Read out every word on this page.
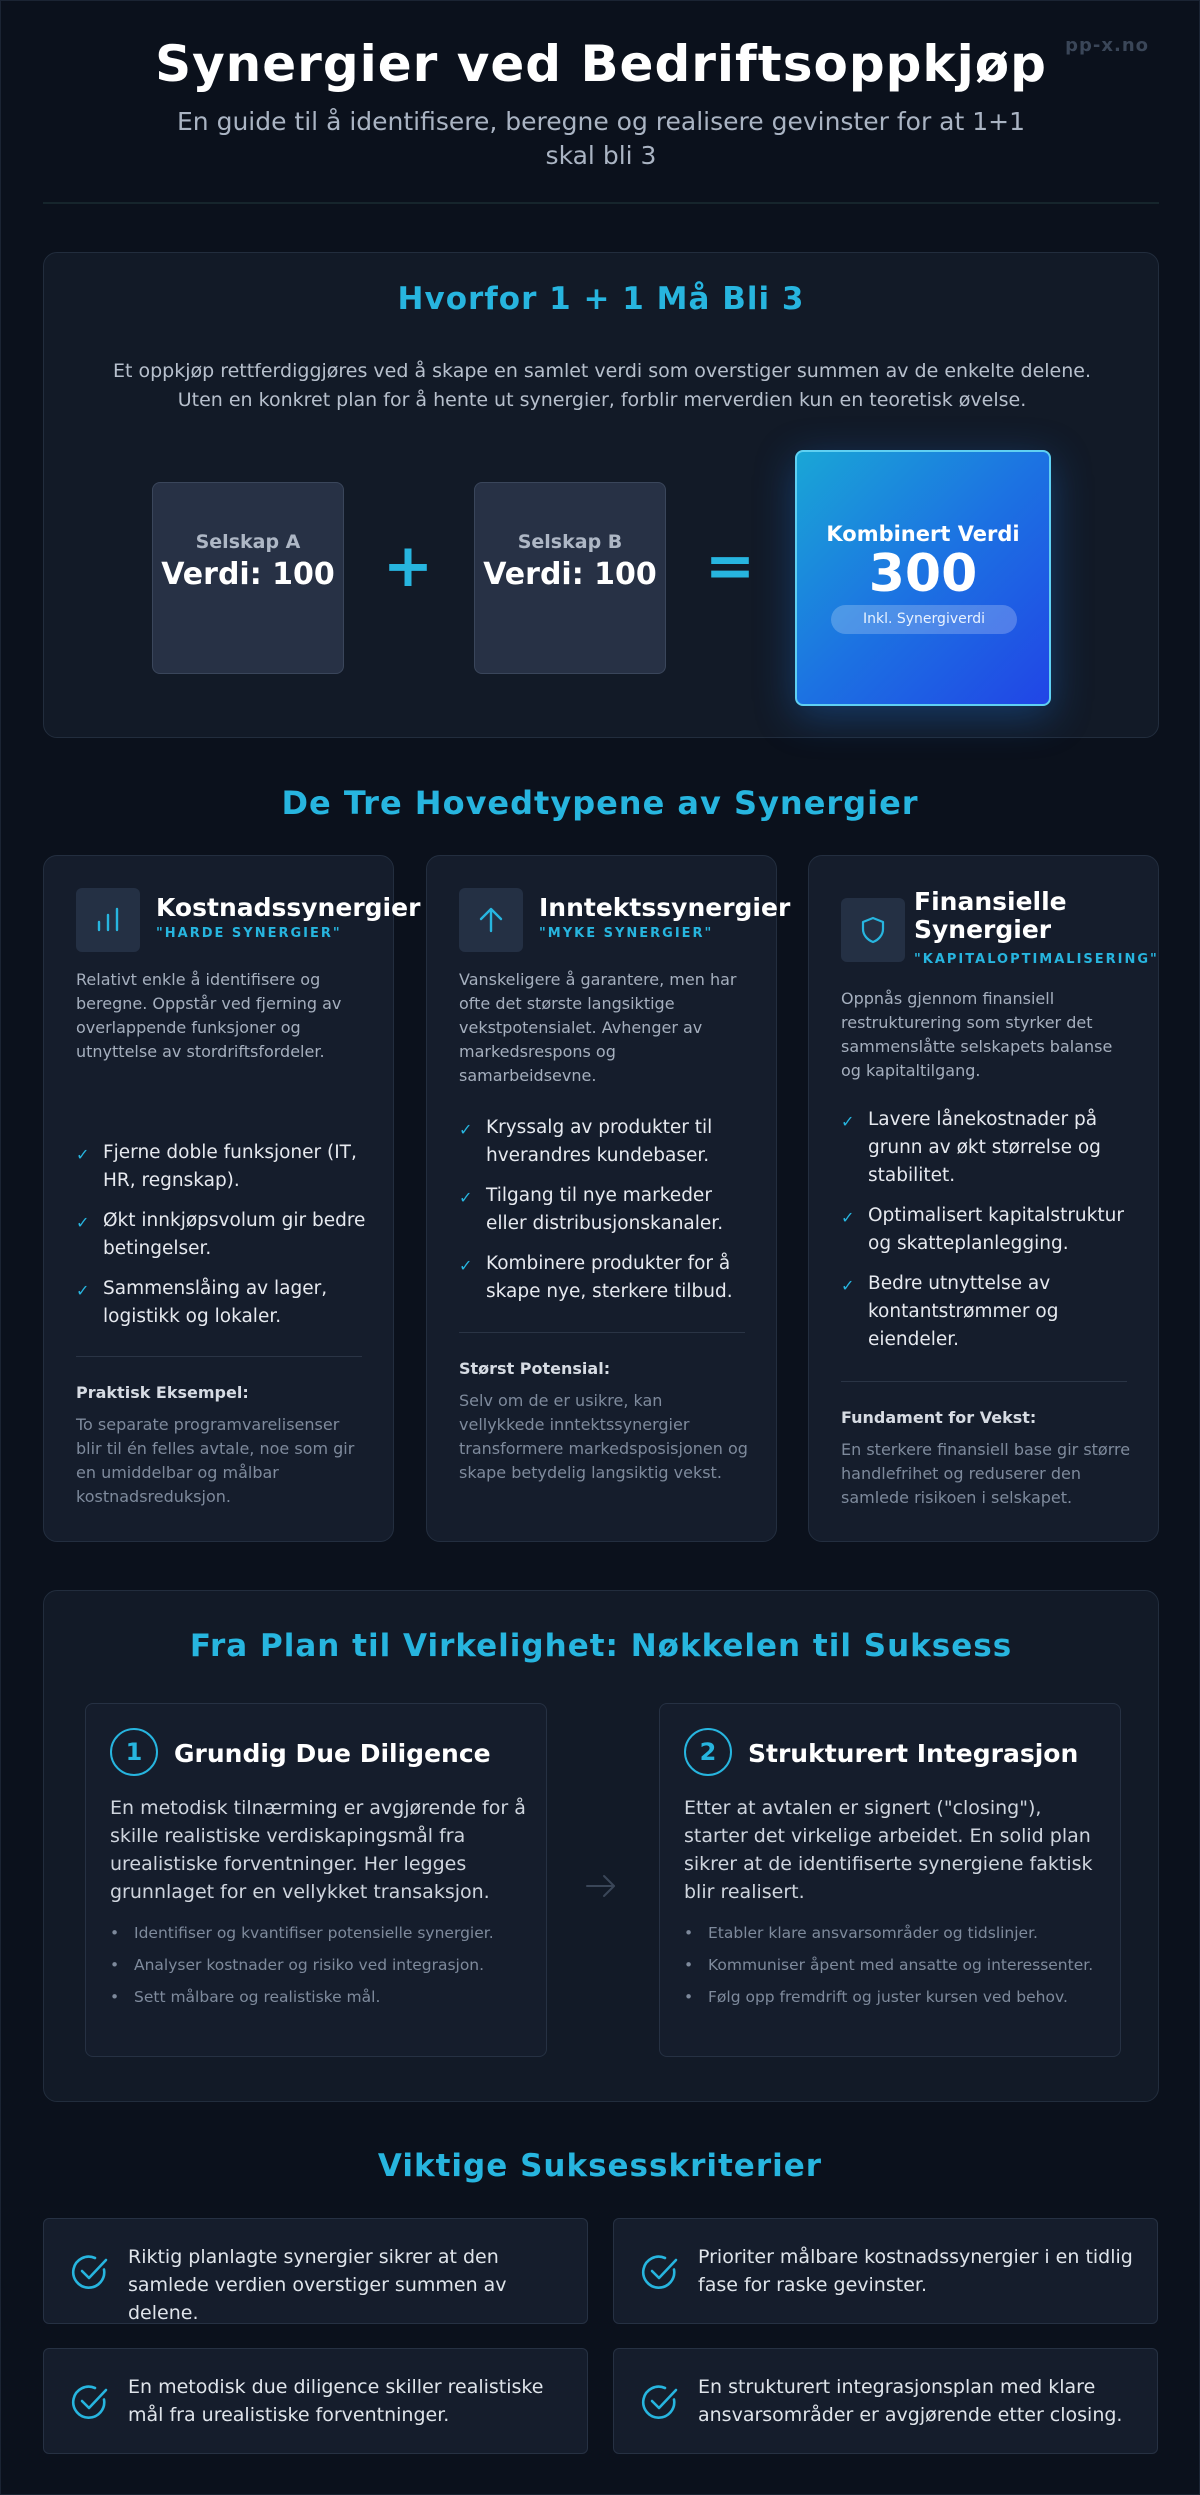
pp-x.no
Synergier ved Bedriftsoppkjøp
En guide til å identifisere, beregne og realisere gevinster for at 1+1 skal bli 3
Hvorfor 1 + 1 Må Bli 3

Et oppkjøp rettferdiggjøres ved å skape en samlet verdi som overstiger summen av de enkelte delene. Uten en konkret plan for å hente ut synergier, forblir merverdien kun en teoretisk øvelse.

Selskap A
Verdi: 100 +	Selskap B
Verdi: 100 =	Kombinert Verdi
300
Inkl. Synergiverdi
De Tre Hovedtypene av Synergier
Kostnadssynergier
"HARDE SYNERGIER"

Relativt enkle å identifisere og beregne. Oppstår ved fjerning av overlappende funksjoner og utnyttelse av stordriftsfordeler.

✓ Fjerne doble funksjoner (IT, HR, regnskap).
✓ Økt innkjøpsvolum gir bedre betingelser.
✓ Sammenslåing av lager, logistikk og lokaler.
Praktisk Eksempel:

To separate programvarelisenser blir til én felles avtale, noe som gir en umiddelbar og målbar kostnadsreduksjon.

Inntektssynergier
"MYKE SYNERGIER"

Vanskeligere å garantere, men har ofte det største langsiktige vekstpotensialet. Avhenger av markedsrespons og samarbeidsevne.

✓ Kryssalg av produkter til hverandres kundebaser.
✓ Tilgang til nye markeder eller distribusjonskanaler.
✓ Kombinere produkter for å skape nye, sterkere tilbud.
Størst Potensial:

Selv om de er usikre, kan vellykkede inntektssynergier transformere markedsposisjonen og skape betydelig langsiktig vekst.

Finansielle Synergier
"KAPITALOPTIMALISERING"

Oppnås gjennom finansiell restrukturering som styrker det sammenslåtte selskapets balanse og kapitaltilgang.

✓ Lavere lånekostnader på grunn av økt størrelse og stabilitet.
✓ Optimalisert kapitalstruktur og skatteplanlegging.
✓ Bedre utnyttelse av kontantstrømmer og eiendeler.
Fundament for Vekst:

En sterkere finansiell base gir større handlefrihet og reduserer den samlede risikoen i selskapet.

Fra Plan til Virkelighet: Nøkkelen til Suksess
1	Grundig Due Diligence

En metodisk tilnærming er avgjørende for å skille realistiske verdiskapingsmål fra urealistiske forventninger. Her legges grunnlaget for en vellykket transaksjon.

• Identifiser og kvantifiser potensielle synergier.
• Analyser kostnader og risiko ved integrasjon.
• Sett målbare og realistiske mål.
2	Strukturert Integrasjon

Etter at avtalen er signert ("closing"), starter det virkelige arbeidet. En solid plan sikrer at de identifiserte synergiene faktisk blir realisert.

• Etabler klare ansvarsområder og tidslinjer.
• Kommuniser åpent med ansatte og interessenter.
• Følg opp fremdrift og juster kursen ved behov.
Viktige Suksesskriterier
Riktig planlagte synergier sikrer at den samlede verdien overstiger summen av delene.
Prioriter målbare kostnadssynergier i en tidlig fase for raske gevinster.
En metodisk due diligence skiller realistiske mål fra urealistiske forventninger.
En strukturert integrasjonsplan med klare ansvarsområder er avgjørende etter closing.
